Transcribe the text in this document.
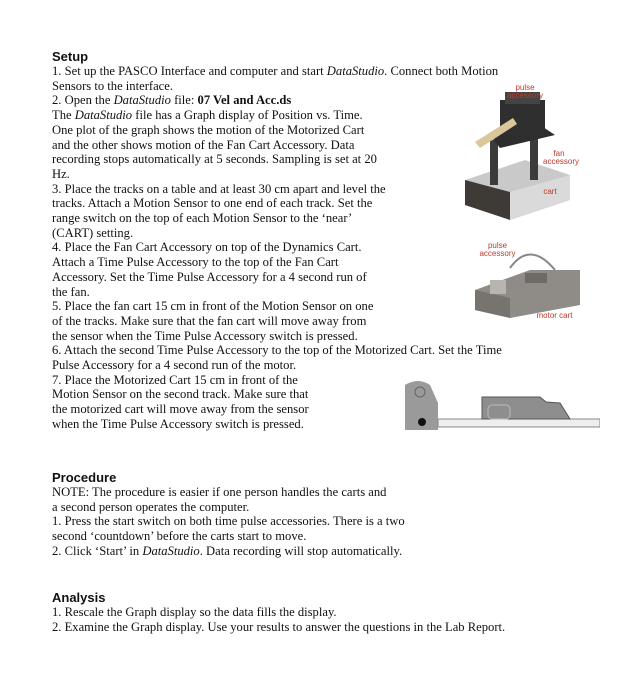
Setup
1. Set up the PASCO Interface and computer and start DataStudio. Connect both Motion
Sensors to the interface.
2. Open the DataStudio file: 07 Vel and Acc.ds
The DataStudio file has a Graph display of Position vs. Time.
One plot of the graph shows the motion of the Motorized Cart
and the other shows motion of the Fan Cart Accessory. Data
recording stops automatically at 5 seconds. Sampling is set at 20
Hz.
3. Place the tracks on a table and at least 30 cm apart and level the
tracks. Attach a Motion Sensor to one end of each track. Set the
range switch on the top of each Motion Sensor to the ‘near’
(CART) setting.
4. Place the Fan Cart Accessory on top of the Dynamics Cart.
Attach a Time Pulse Accessory to the top of the Fan Cart
Accessory. Set the Time Pulse Accessory for a 4 second run of
the fan.
5. Place the fan cart 15 cm in front of the Motion Sensor on one
of the tracks. Make sure that the fan cart will move away from
the sensor when the Time Pulse Accessory switch is pressed.
6. Attach the second Time Pulse Accessory to the top of the Motorized Cart. Set the Time
Pulse Accessory for a 4 second run of the motor.
7. Place the Motorized Cart 15 cm in front of the
Motion Sensor on the second track. Make sure that
the motorized cart will move away from the sensor
when the Time Pulse Accessory switch is pressed.
Procedure
NOTE: The procedure is easier if one person handles the carts and
a second person operates the computer.
1. Press the start switch on both time pulse accessories. There is a two
second ‘countdown’ before the carts start to move.
2. Click ‘Start’ in DataStudio. Data recording will stop automatically.
Analysis
1. Rescale the Graph display so the data fills the display.
2. Examine the Graph display. Use your results to answer the questions in the Lab Report.
pulse accessory
fan accessory
cart
pulse accessory
motor cart
